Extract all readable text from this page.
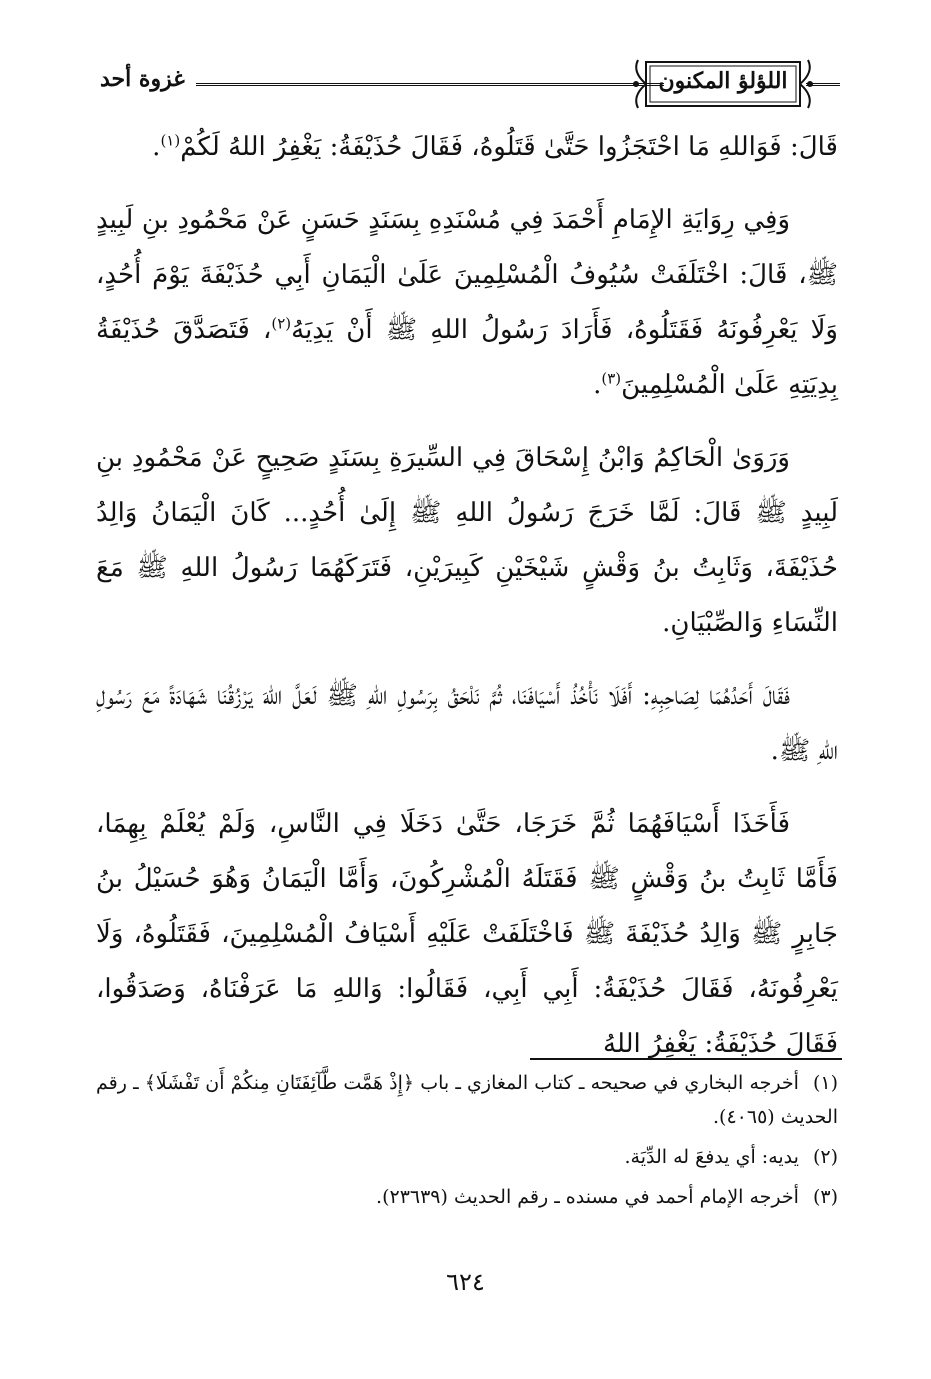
اللؤلؤ المكنون
غزوة أحد

قَالَ: فَوَاللهِ مَا احْتَجَزُوا حَتَّىٰ قَتَلُوهُ، فَقَالَ حُذَيْفَةُ: يَغْفِرُ اللهُ لَكُمْ$^{(١)}$.

وَفِي رِوَايَةِ الإِمَامِ أَحْمَدَ فِي مُسْنَدِهِ بِسَنَدٍ حَسَنٍ عَنْ مَحْمُودِ بنِ لَبِيدٍ ﷺ، قَالَ: اخْتَلَفَتْ سُيُوفُ الْمُسْلِمِينَ عَلَىٰ الْيَمَانِ أَبِي حُذَيْفَةَ يَوْمَ أُحُدٍ، وَلَا يَعْرِفُونَهُ فَقَتَلُوهُ، فَأَرَادَ رَسُولُ اللهِ ﷺ أَنْ يَدِيَهُ$^{(٢)}$، فَتَصَدَّقَ حُذَيْفَةُ بِدِيَتِهِ عَلَىٰ الْمُسْلِمِينَ$^{(٣)}$.

وَرَوَىٰ الْحَاكِمُ وَابْنُ إِسْحَاقَ فِي السِّيرَةِ بِسَنَدٍ صَحِيحٍ عَنْ مَحْمُودِ بنِ لَبِيدٍ ﷺ قَالَ: لَمَّا خَرَجَ رَسُولُ اللهِ ﷺ إِلَىٰ أُحُدٍ... كَانَ الْيَمَانُ وَالِدُ حُذَيْفَةَ، وَثَابِتُ بنُ وَقْشٍ شَيْخَيْنِ كَبِيرَيْنِ، فَتَرَكَهُمَا رَسُولُ اللهِ ﷺ مَعَ النِّسَاءِ وَالصِّبْيَانِ.

فَقَالَ أَحَدُهُمَا لِصَاحِبِهِ: أَفَلَا نَأْخُذُ أَسْيَافَنَا، ثُمَّ نَلْحَقُ بِرَسُولِ اللهِ ﷺ لَعَلَّ اللهَ يَرْزُقُنَا شَهَادَةً مَعَ رَسُولِ اللهِ ﷺ.

فَأَخَذَا أَسْيَافَهُمَا ثُمَّ خَرَجَا، حَتَّىٰ دَخَلَا فِي النَّاسِ، وَلَمْ يُعْلَمْ بِهِمَا، فَأَمَّا ثَابِتُ بنُ وَقْشٍ ﷺ فَقَتَلَهُ الْمُشْرِكُونَ، وَأَمَّا الْيَمَانُ وَهُوَ حُسَيْلُ بنُ جَابِرٍ ﷺ وَالِدُ حُذَيْفَةَ ﷺ فَاخْتَلَفَتْ عَلَيْهِ أَسْيَافُ الْمُسْلِمِينَ، فَقَتَلُوهُ، وَلَا يَعْرِفُونَهُ، فَقَالَ حُذَيْفَةُ: أَبِي أَبِي، فَقَالُوا: وَاللهِ مَا عَرَفْنَاهُ، وَصَدَقُوا، فَقَالَ حُذَيْفَةُ: يَغْفِرُ اللهُ

(١)أخرجه البخاري في صحيحه ـ كتاب المغازي ـ باب ﴿إِذْ هَمَّت طَّآئِفَتَانِ مِنكُمْ أَن تَفْشَلَا﴾ ـ رقم الحديث (٤٠٦٥).
(٢)يديه: أي يدفعَ له الدِّيَة.
(٣)أخرجه الإمام أحمد في مسنده ـ رقم الحديث (٢٣٦٣٩).
٦٢٤
